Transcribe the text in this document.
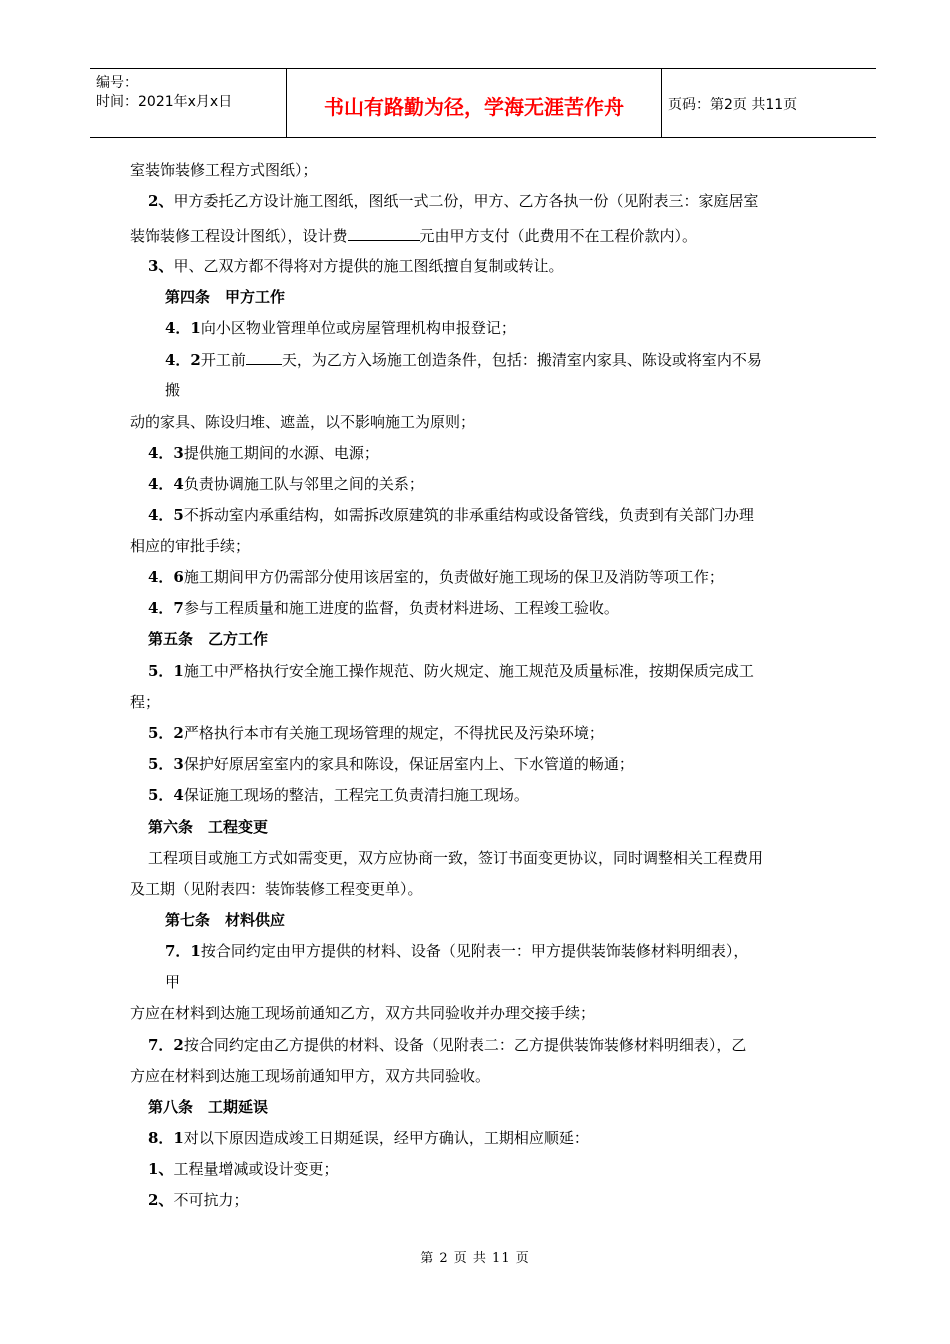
编号：
时间：2021年x月x日	书山有路勤为径，学海无涯苦作舟	页码：第2页 共11页
室装饰装修工程方式图纸）；
2、甲方委托乙方设计施工图纸，图纸一式二份，甲方、乙方各执一份（见附表三：家庭居室
装饰装修工程设计图纸），设计费	元由甲方支付（此费用不在工程价款内）。
3、甲、乙双方都不得将对方提供的施工图纸擅自复制或转让。
第四条　甲方工作
4．1向小区物业管理单位或房屋管理机构申报登记；
4．2开工前 天，为乙方入场施工创造条件，包括：搬清室内家具、陈设或将室内不易
搬
动的家具、陈设归堆、遮盖，以不影响施工为原则；
4．3提供施工期间的水源、电源；
4．4负责协调施工队与邻里之间的关系；
4．5不拆动室内承重结构，如需拆改原建筑的非承重结构或设备管线，负责到有关部门办理
相应的审批手续；
4．6施工期间甲方仍需部分使用该居室的，负责做好施工现场的保卫及消防等项工作；
4．7参与工程质量和施工进度的监督，负责材料进场、工程竣工验收。
第五条　乙方工作
5．1施工中严格执行安全施工操作规范、防火规定、施工规范及质量标准，按期保质完成工
程；
5．2严格执行本市有关施工现场管理的规定，不得扰民及污染环境；
5．3保护好原居室室内的家具和陈设，保证居室内上、下水管道的畅通；
5．4保证施工现场的整洁，工程完工负责清扫施工现场。
第六条　工程变更
工程项目或施工方式如需变更，双方应协商一致，签订书面变更协议，同时调整相关工程费用
及工期（见附表四：装饰装修工程变更单）。
第七条　材料供应
7．1按合同约定由甲方提供的材料、设备（见附表一：甲方提供装饰装修材料明细表），
甲
方应在材料到达施工现场前通知乙方，双方共同验收并办理交接手续；
7．2按合同约定由乙方提供的材料、设备（见附表二：乙方提供装饰装修材料明细表），乙
方应在材料到达施工现场前通知甲方，双方共同验收。
第八条　工期延误
8．1对以下原因造成竣工日期延误，经甲方确认，工期相应顺延：
1、工程量增减或设计变更；
2、不可抗力；
第 2 页 共 11 页
